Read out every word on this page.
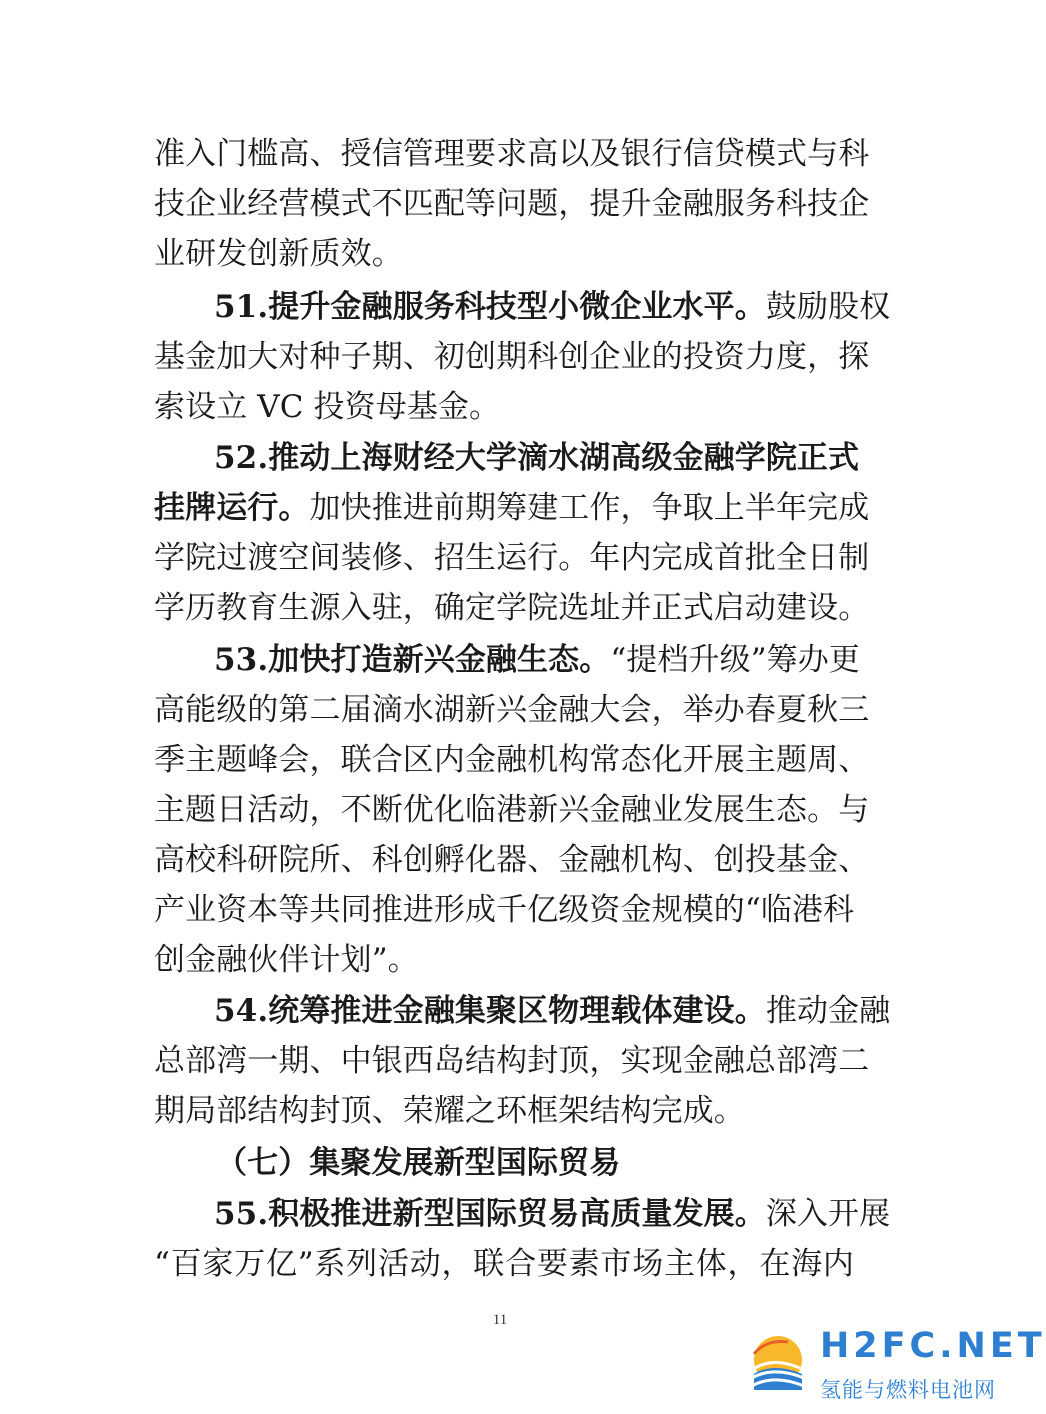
准入门槛高、授信管理要求高以及银行信贷模式与科
技企业经营模式不匹配等问题，提升金融服务科技企
业研发创新质效。
51.提升金融服务科技型小微企业水平。鼓励股权
基金加大对种子期、初创期科创企业的投资力度，探
索设立 VC 投资母基金。
52.推动上海财经大学滴水湖高级金融学院正式
挂牌运行。加快推进前期筹建工作，争取上半年完成
学院过渡空间装修、招生运行。年内完成首批全日制
学历教育生源入驻，确定学院选址并正式启动建设。
53.加快打造新兴金融生态。“提档升级”筹办更
高能级的第二届滴水湖新兴金融大会，举办春夏秋三
季主题峰会，联合区内金融机构常态化开展主题周、
主题日活动，不断优化临港新兴金融业发展生态。与
高校科研院所、科创孵化器、金融机构、创投基金、
产业资本等共同推进形成千亿级资金规模的“临港科
创金融伙伴计划”。
54.统筹推进金融集聚区物理载体建设。推动金融
总部湾一期、中银西岛结构封顶，实现金融总部湾二
期局部结构封顶、荣耀之环框架结构完成。
（七）集聚发展新型国际贸易
55.积极推进新型国际贸易高质量发展。深入开展
“百家万亿”系列活动，联合要素市场主体，在海内
11
H2FC.NET
氢能与燃料电池网
